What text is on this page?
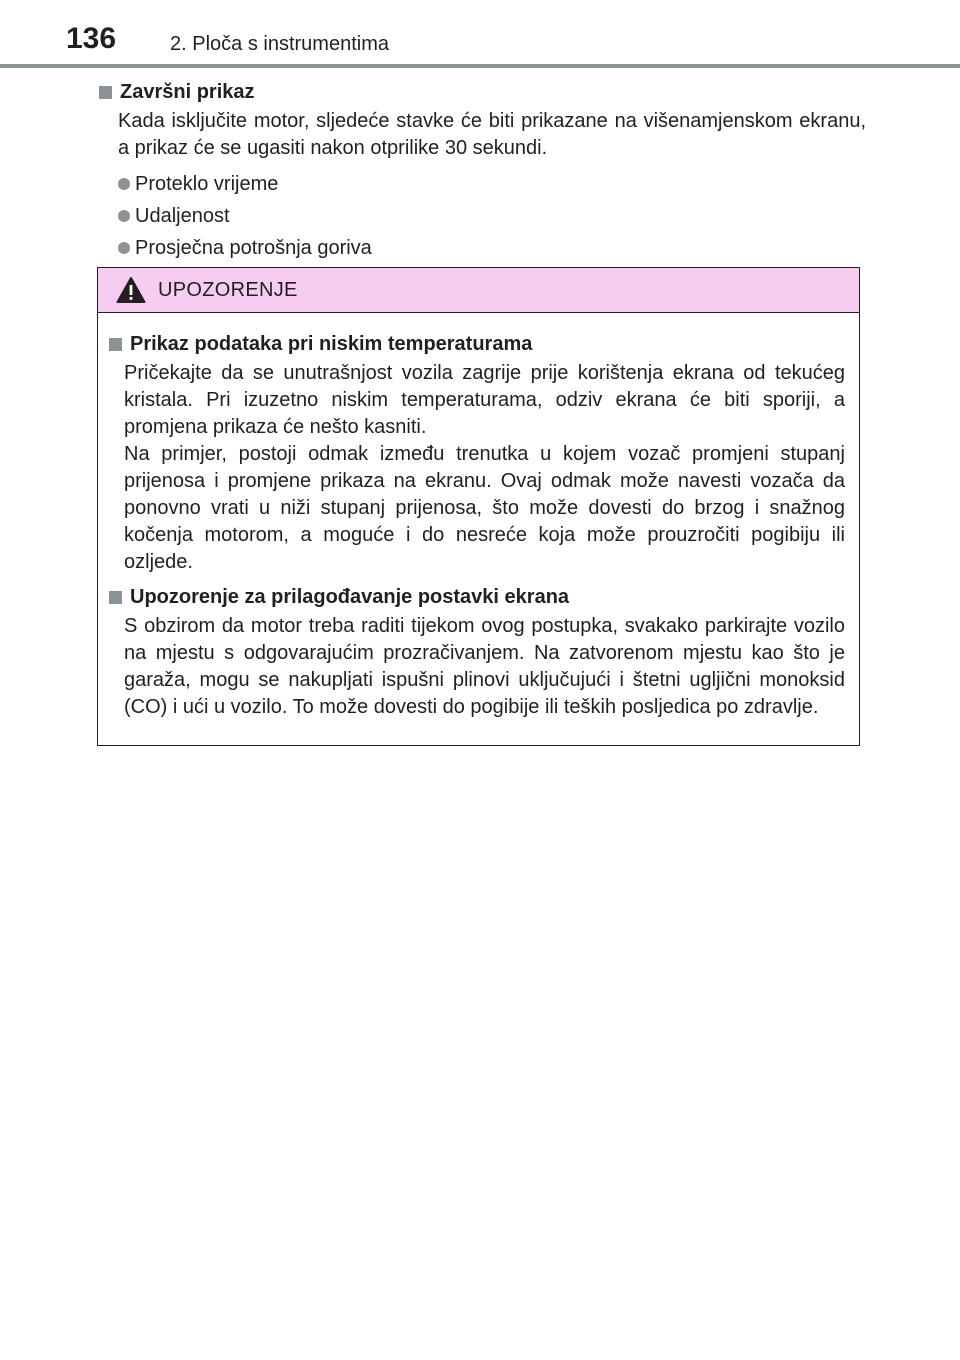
136	2. Ploča s instrumentima
Završni prikaz

Kada isključite motor, sljedeće stavke će biti prikazane na višenamjenskom ekranu, a prikaz će se ugasiti nakon otprilike 30 sekundi.

Proteklo vrijeme
Udaljenost
Prosječna potrošnja goriva
UPOZORENJE
Prikaz podataka pri niskim temperaturama
Pričekajte da se unutrašnjost vozila zagrije prije korištenja ekrana od tekućeg kristala. Pri izuzetno niskim temperaturama, odziv ekrana će biti sporiji, a promjena prikaza će nešto kasniti.
Na primjer, postoji odmak između trenutka u kojem vozač promjeni stupanj prijenosa i promjene prikaza na ekranu. Ovaj odmak može navesti vozača da ponovno vrati u niži stupanj prijenosa, što može dovesti do brzog i snažnog kočenja motorom, a moguće i do nesreće koja može prouzročiti pogibiju ili ozljede.
Upozorenje za prilagođavanje postavki ekrana
S obzirom da motor treba raditi tijekom ovog postupka, svakako parkirajte vozilo na mjestu s odgovarajućim prozračivanjem. Na zatvorenom mjestu kao što je garaža, mogu se nakupljati ispušni plinovi uključujući i štetni ugljični monoksid (CO) i ući u vozilo. To može dovesti do pogibije ili teških posljedica po zdravlje.
